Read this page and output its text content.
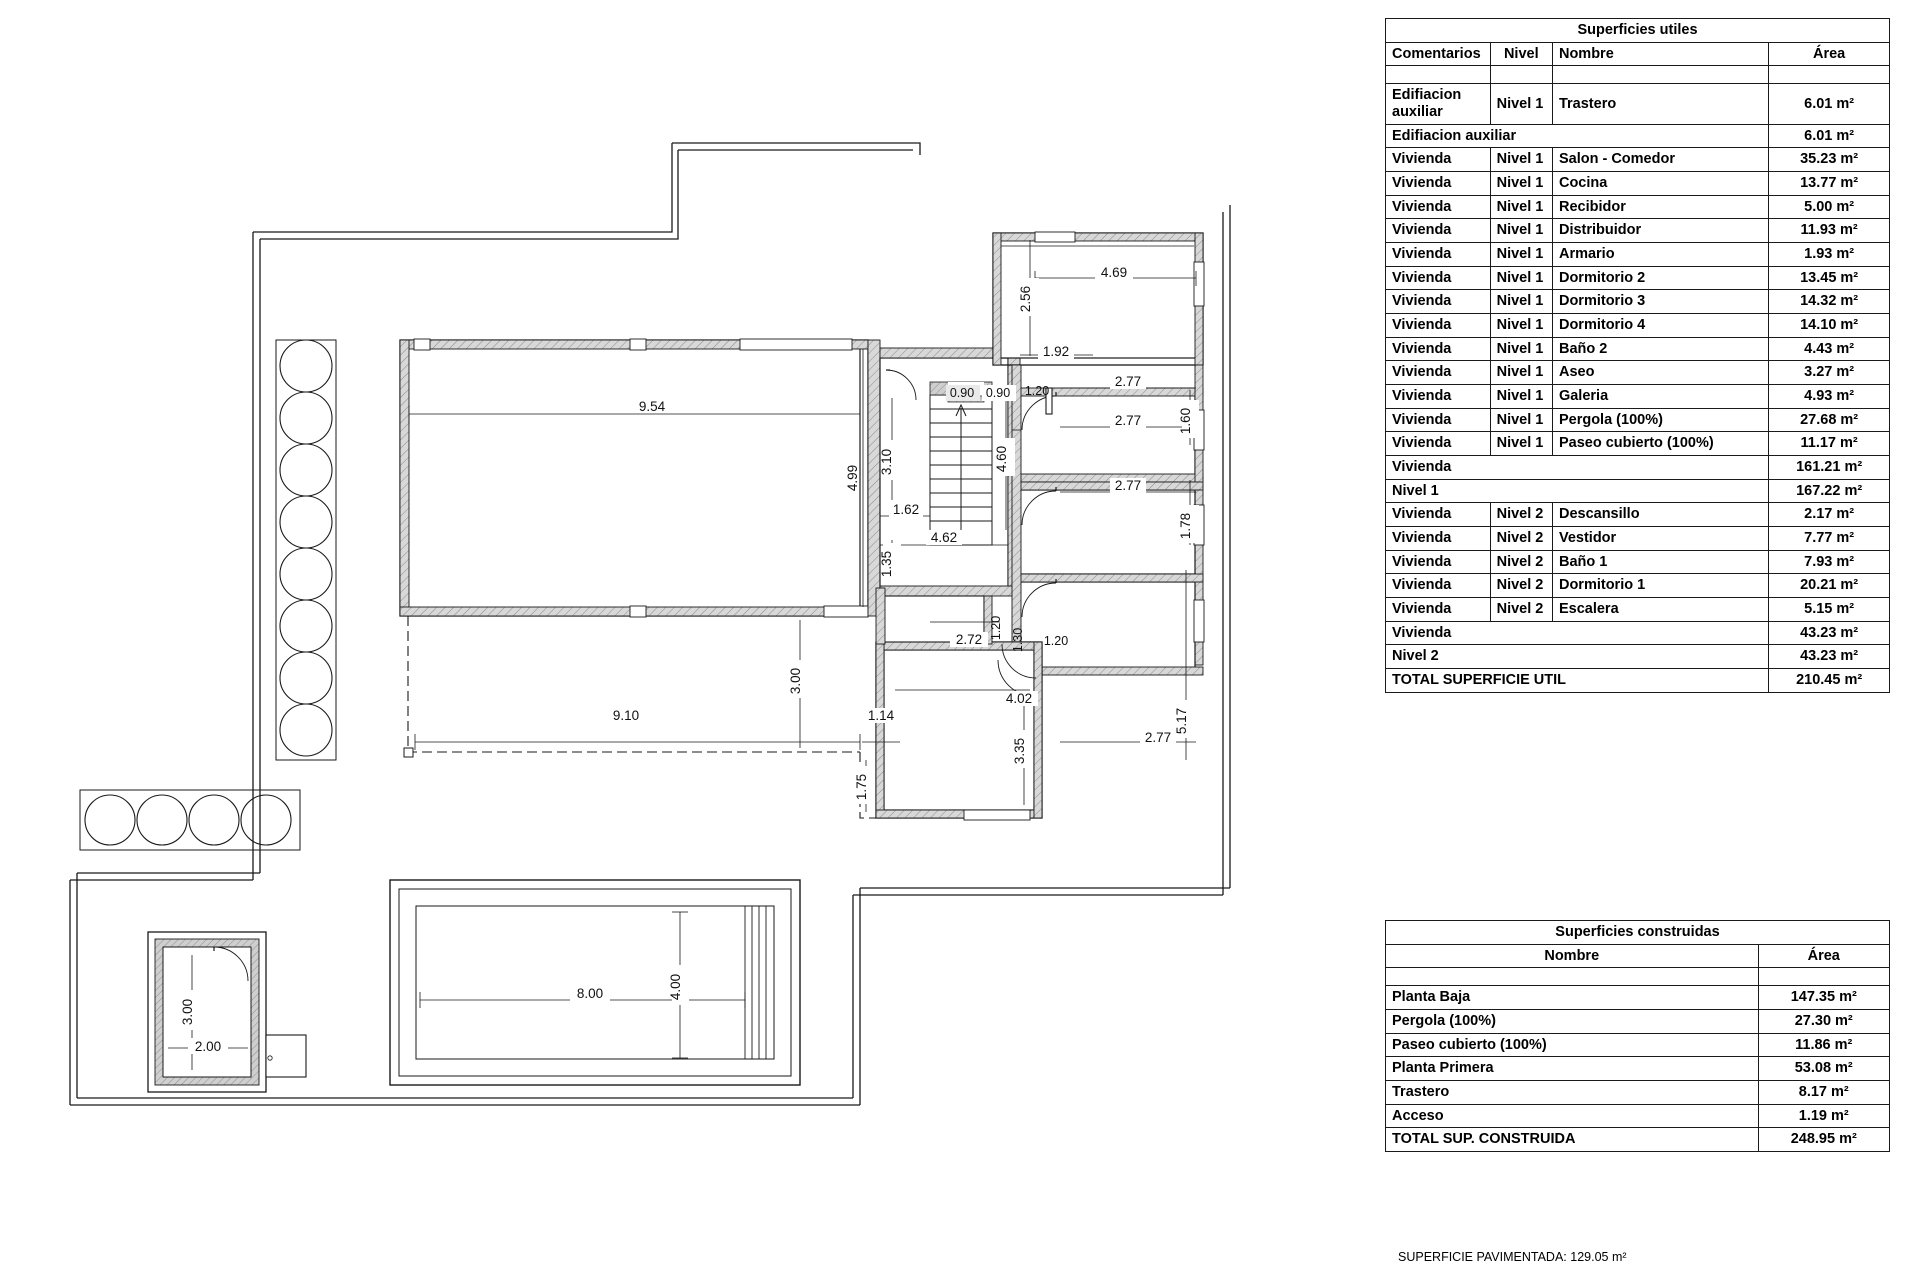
9.54
4.99
3.10
1.62
4.62
1.35
0.90 0.90 1.20
4.69
2.56
1.92
2.77
2.77	1.60
4.60
2.77
1.78
3.00
9.10	1.14
1.75
1.20 1.30 1.20
2.72
4.02
3.35
2.77
5.17
8.00	4.00
3.00
2.00
Superficies utiles			
Comentarios	Nivel	Nombre	Área

Edifiacion auxiliar	Nivel 1	Trastero	6.01 m²
Edifiacion auxiliar			6.01 m²
Vivienda	Nivel 1	Salon - Comedor	35.23 m²
Vivienda	Nivel 1	Cocina	13.77 m²
Vivienda	Nivel 1	Recibidor	5.00 m²
Vivienda	Nivel 1	Distribuidor	11.93 m²
Vivienda	Nivel 1	Armario	1.93 m²
Vivienda	Nivel 1	Dormitorio 2	13.45 m²
Vivienda	Nivel 1	Dormitorio 3	14.32 m²
Vivienda	Nivel 1	Dormitorio 4	14.10 m²
Vivienda	Nivel 1	Baño 2	4.43 m²
Vivienda	Nivel 1	Aseo	3.27 m²
Vivienda	Nivel 1	Galeria	4.93 m²
Vivienda	Nivel 1	Pergola (100%)	27.68 m²
Vivienda	Nivel 1	Paseo cubierto (100%)	11.17 m²
Vivienda			161.21 m²
Nivel 1			167.22 m²
Vivienda	Nivel 2	Descansillo	2.17 m²
Vivienda	Nivel 2	Vestidor	7.77 m²
Vivienda	Nivel 2	Baño 1	7.93 m²
Vivienda	Nivel 2	Dormitorio 1	20.21 m²
Vivienda	Nivel 2	Escalera	5.15 m²
Vivienda			43.23 m²
Nivel 2			43.23 m²
TOTAL SUPERFICIE UTIL			210.45 m²
Superficies construidas	
Nombre	Área

Planta Baja	147.35 m²
Pergola (100%)	27.30 m²
Paseo cubierto (100%)	11.86 m²
Planta Primera	53.08 m²
Trastero	8.17 m²
Acceso	1.19 m²
TOTAL SUP. CONSTRUIDA	248.95 m²
SUPERFICIE PAVIMENTADA: 129.05 m²
